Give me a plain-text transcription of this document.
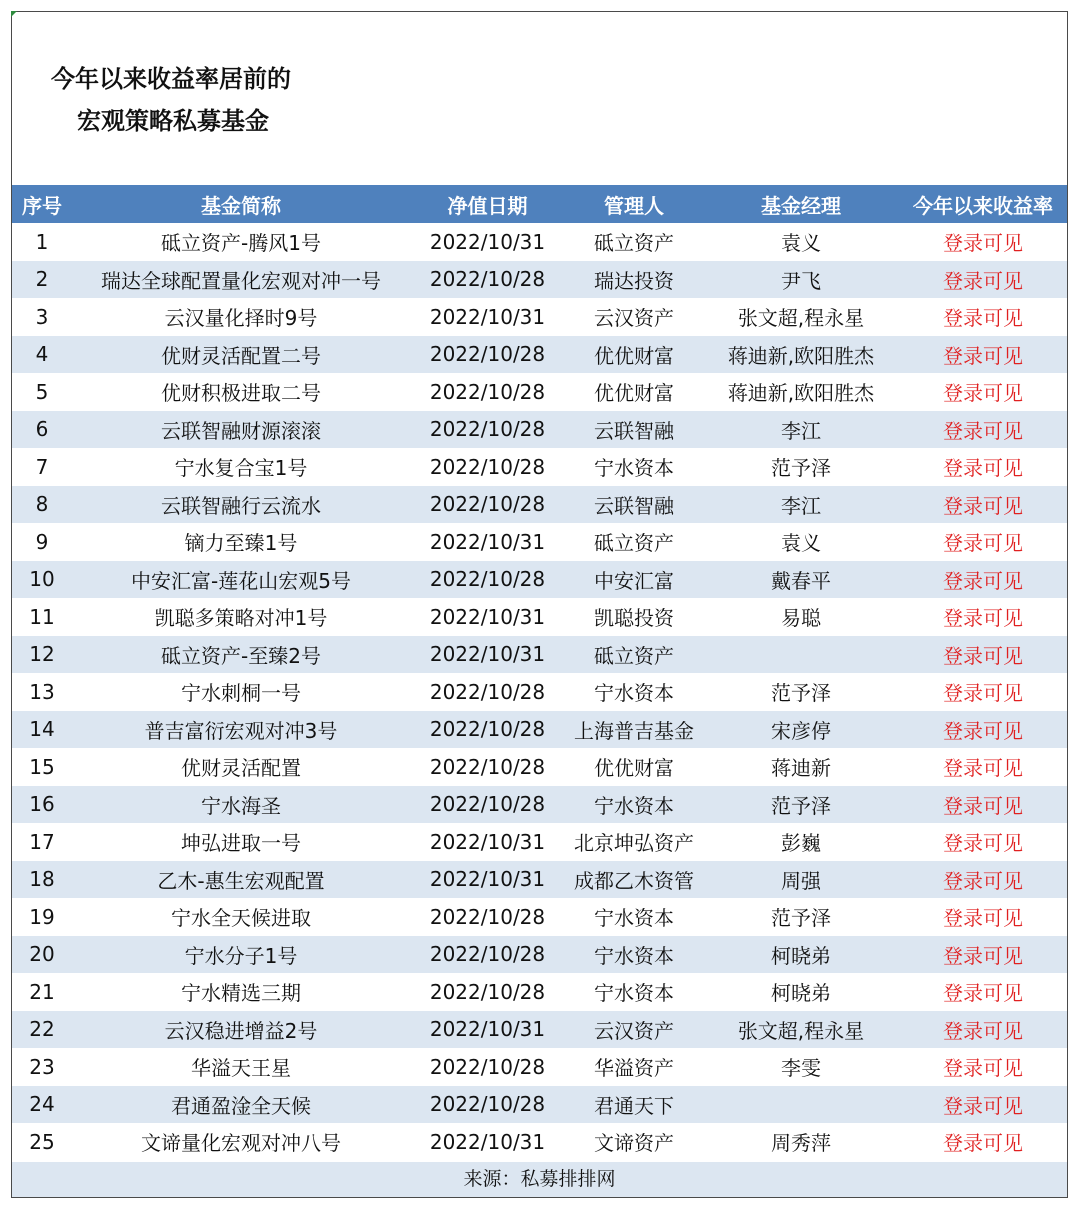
今年以来收益率居前的
宏观策略私募基金
序号	基金简称	净值日期	管理人	基金经理	今年以来收益率
1	砥立资产-腾风1号	2022/10/31	砥立资产	袁义	登录可见
2	瑞达全球配置量化宏观对冲一号	2022/10/28	瑞达投资	尹飞	登录可见
3	云汉量化择时9号	2022/10/31	云汉资产	张文超,程永星	登录可见
4	优财灵活配置二号	2022/10/28	优优财富	蒋迪新,欧阳胜杰	登录可见
5	优财积极进取二号	2022/10/28	优优财富	蒋迪新,欧阳胜杰	登录可见
6	云联智融财源滚滚	2022/10/28	云联智融	李江	登录可见
7	宁水复合宝1号	2022/10/28	宁水资本	范予泽	登录可见
8	云联智融行云流水	2022/10/28	云联智融	李江	登录可见
9	镝力至臻1号	2022/10/31	砥立资产	袁义	登录可见
10	中安汇富-莲花山宏观5号	2022/10/28	中安汇富	戴春平	登录可见
11	凯聪多策略对冲1号	2022/10/31	凯聪投资	易聪	登录可见
12	砥立资产-至臻2号	2022/10/31	砥立资产		登录可见
13	宁水刺桐一号	2022/10/28	宁水资本	范予泽	登录可见
14	普吉富衍宏观对冲3号	2022/10/28	上海普吉基金	宋彦停	登录可见
15	优财灵活配置	2022/10/28	优优财富	蒋迪新	登录可见
16	宁水海圣	2022/10/28	宁水资本	范予泽	登录可见
17	坤弘进取一号	2022/10/31	北京坤弘资产	彭巍	登录可见
18	乙木-惠生宏观配置	2022/10/31	成都乙木资管	周强	登录可见
19	宁水全天候进取	2022/10/28	宁水资本	范予泽	登录可见
20	宁水分子1号	2022/10/28	宁水资本	柯晓弟	登录可见
21	宁水精选三期	2022/10/28	宁水资本	柯晓弟	登录可见
22	云汉稳进增益2号	2022/10/31	云汉资产	张文超,程永星	登录可见
23	华溢天王星	2022/10/28	华溢资产	李雯	登录可见
24	君通盈淦全天候	2022/10/28	君通天下		登录可见
25	文谛量化宏观对冲八号	2022/10/31	文谛资产	周秀萍	登录可见
来源：私募排排网
